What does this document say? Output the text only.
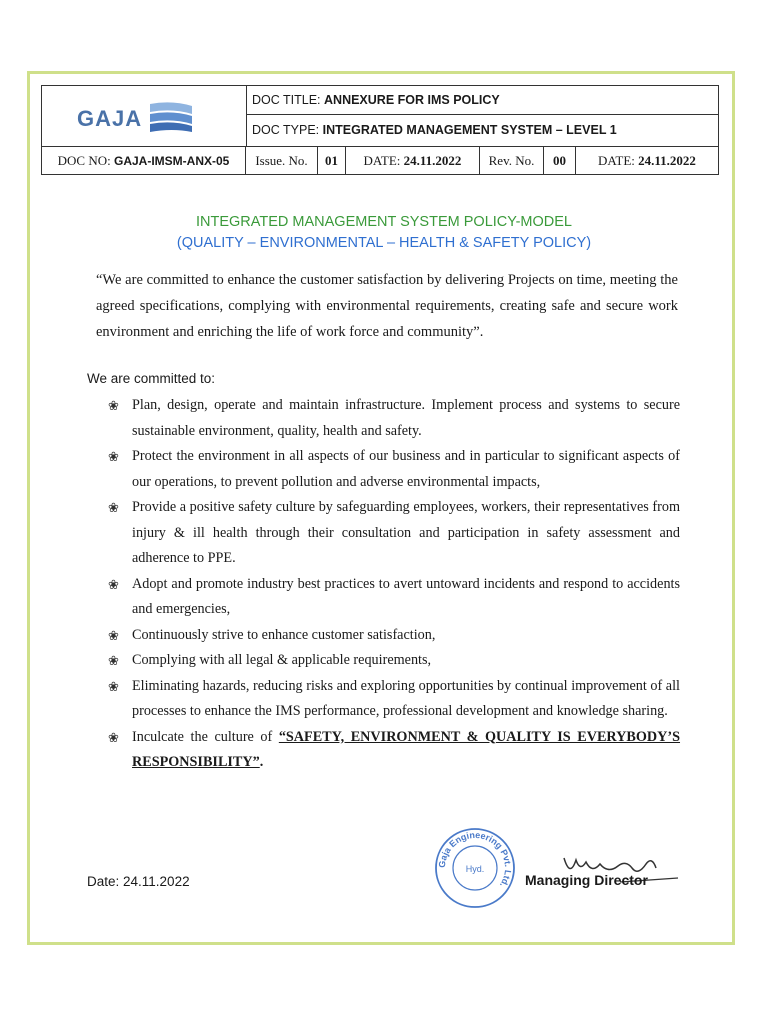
GAJA
DOC TITLE: ANNEXURE FOR IMS POLICY
DOC TYPE: INTEGRATED MANAGEMENT SYSTEM – LEVEL 1
DOC NO: GAJA-IMSM-ANX-05	Issue. No.	01	DATE: 24.11.2022	Rev. No.	00	DATE: 24.11.2022
INTEGRATED MANAGEMENT SYSTEM POLICY-MODEL
(QUALITY – ENVIRONMENTAL – HEALTH & SAFETY POLICY)
“We are committed to enhance the customer satisfaction by delivering Projects on time, meeting the agreed specifications, complying with environmental requirements, creating safe and secure work environment and enriching the life of work force and community”.
We are committed to:
❀ Plan, design, operate and maintain infrastructure. Implement process and systems to secure sustainable environment, quality, health and safety.
❀ Protect the environment in all aspects of our business and in particular to significant aspects of our operations, to prevent pollution and adverse environmental impacts,
❀ Provide a positive safety culture by safeguarding employees, workers, their representatives from injury & ill health through their consultation and participation in safety assessment and adherence to PPE.
❀ Adopt and promote industry best practices to avert untoward incidents and respond to accidents and emergencies,
❀ Continuously strive to enhance customer satisfaction,
❀ Complying with all legal & applicable requirements,
❀ Eliminating hazards, reducing risks and exploring opportunities by continual improvement of all processes to enhance the IMS performance, professional development and knowledge sharing.
❀ Inculcate the culture of “SAFETY, ENVIRONMENT & QUALITY IS EVERYBODY’S RESPONSIBILITY”.
Gaja Engineering Pvt. Ltd.
Hyd.
Date: 24.11.2022	Managing Director
